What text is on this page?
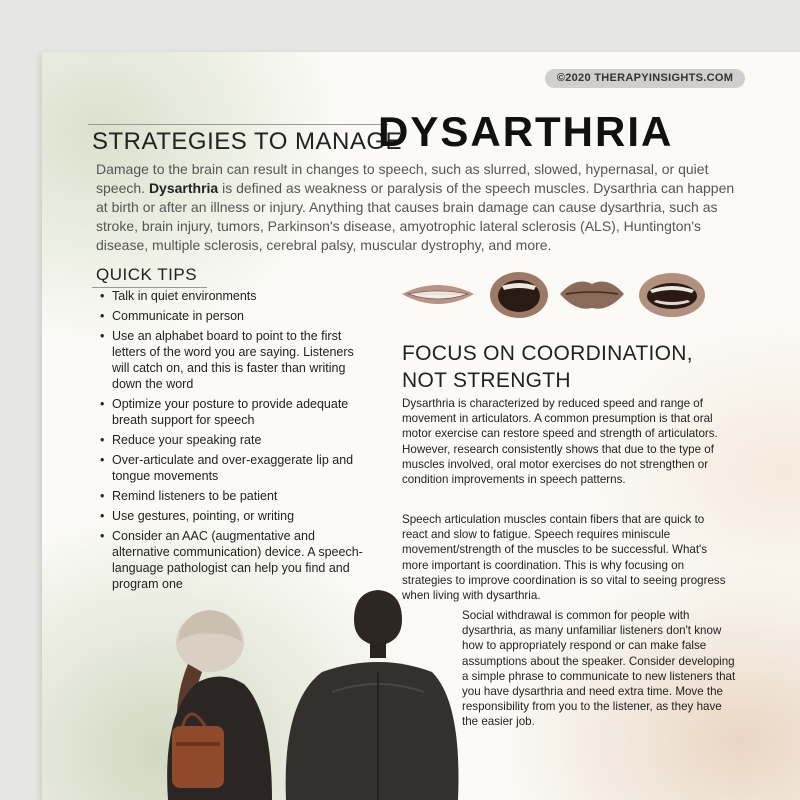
©2020 THERAPYINSIGHTS.COM
STRATEGIES TO MANAGE
DYSARTHRIA

Damage to the brain can result in changes to speech, such as slurred, slowed, hypernasal, or quiet speech. Dysarthria is defined as weakness or paralysis of the speech muscles. Dysarthria can happen at birth or after an illness or injury. Anything that causes brain damage can cause dysarthria, such as stroke, brain injury, tumors, Parkinson's disease, amyotrophic lateral sclerosis (ALS), Huntington's disease, multiple sclerosis, cerebral palsy, muscular dystrophy, and more.

QUICK TIPS
• Talk in quiet environments
• Communicate in person
• Use an alphabet board to point to the first letters of the word you are saying. Listeners will catch on, and this is faster than writing down the word
• Optimize your posture to provide adequate breath support for speech
• Reduce your speaking rate
• Over-articulate and over-exaggerate lip and tongue movements
• Remind listeners to be patient
• Use gestures, pointing, or writing
• Consider an AAC (augmentative and alternative communication) device. A speech-language pathologist can help you find and program one
FOCUS ON COORDINATION,
NOT STRENGTH

Dysarthria is characterized by reduced speed and range of movement in articulators. A common presumption is that oral motor exercise can restore speed and strength of articulators. However, research consistently shows that due to the type of muscles involved, oral motor exercises do not strengthen or condition improvements in speech patterns.

Speech articulation muscles contain fibers that are quick to react and slow to fatigue. Speech requires miniscule movement/strength of the muscles to be successful. What's more important is coordination. This is why focusing on strategies to improve coordination is so vital to seeing progress when living with dysarthria.

Social withdrawal is common for people with dysarthria, as many unfamiliar listeners don't know how to appropriately respond or can make false assumptions about the speaker. Consider developing a simple phrase to communicate to new listeners that you have dysarthria and need extra time. Move the responsibility from you to the listener, as they have the easier job.
